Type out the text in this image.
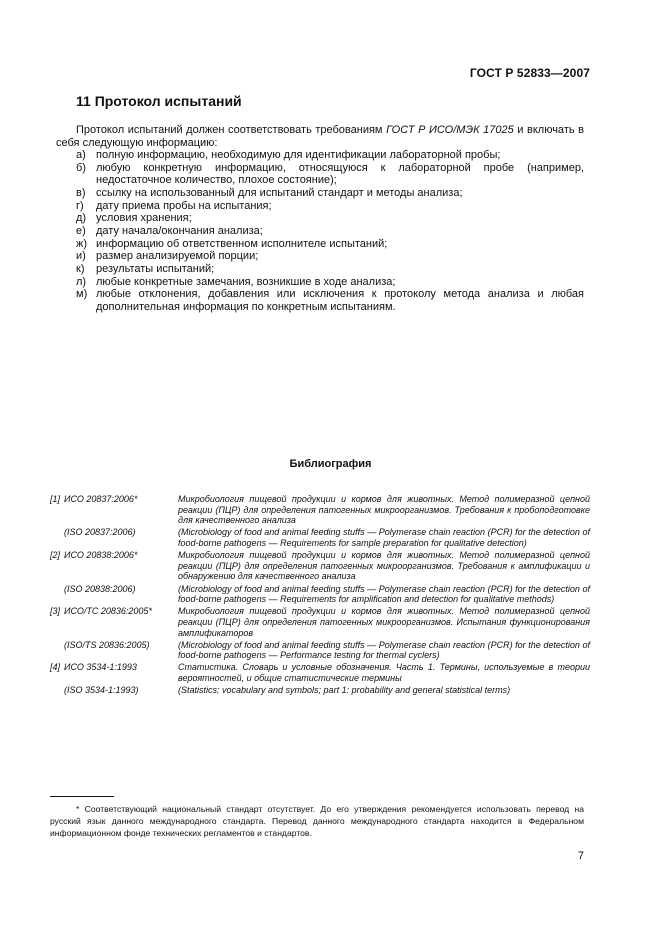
ГОСТ Р 52833—2007
11 Протокол испытаний

Протокол испытаний должен соответствовать требованиям ГОСТ Р ИСО/МЭК 17025 и включать в себя следующую информацию:

а) полную информацию, необходимую для идентификации лабораторной пробы;
б) любую конкретную информацию, относящуюся к лабораторной пробе (например, недостаточное количество, плохое состояние);
в) ссылку на использованный для испытаний стандарт и методы анализа;
г)	дату приема пробы на испытания;
д) условия хранения;
е) дату начала/окончания анализа;
ж) информацию об ответственном исполнителе испытаний;
и) размер анализируемой порции;
к)	результаты испытаний;
л) любые конкретные замечания, возникшие в ходе анализа;
м) любые отклонения, добавления или исключения к протоколу метода анализа и любая дополнительная информация по конкретным испытаниям.
Библиография
[1]	ИСО 20837:2006*	Микробиология пищевой продукции и кормов для животных. Метод полимеразной цепной реакции (ПЦР) для определения патогенных микроорганизмов. Требования к пробоподготовке для качественного анализа
	(ISO 20837:2006)	(Microbiology of food and animal feeding stuffs — Polymerase chain reaction (PCR) for the detection of food-borne pathogens — Requirements for sample preparation for qualitative detection)
[2]	ИСО 20838:2006*	Микробиология пищевой продукции и кормов для животных. Метод полимеразной цепной реакции (ПЦР) для определения патогенных микроорганизмов. Требования к амплификации и обнаружению для качественного анализа
	(ISO 20838:2006)	(Microbiology of food and animal feeding stuffs — Polymerase chain reaction (PCR) for the detection of food-borne pathogens — Requirements for amplification and detection for qualitative methods)
[3]	ИСО/ТС 20836:2005*	Микробиология пищевой продукции и кормов для животных. Метод полимеразной цепной реакции (ПЦР) для определения патогенных микроорганизмов. Испытания функционирования амплификаторов
	(ISO/TS 20836:2005)	(Microbiology of food and animal feeding stuffs — Polymerase chain reaction (PCR) for the detection of food-borne pathogens — Performance testing for thermal cyclers)
[4]	ИСО 3534-1:1993	Статистика. Словарь и условные обозначения. Часть 1. Термины, используемые в теории вероятностей, и общие статистические термины
	(ISO 3534-1:1993)	(Statistics; vocabulary and symbols; part 1: probability and general statistical terms)

* Соответствующий национальный стандарт отсутствует. До его утверждения рекомендуется использовать перевод на русский язык данного международного стандарта. Перевод данного международного стандарта находится в Федеральном информационном фонде технических регламентов и стандартов.

7
